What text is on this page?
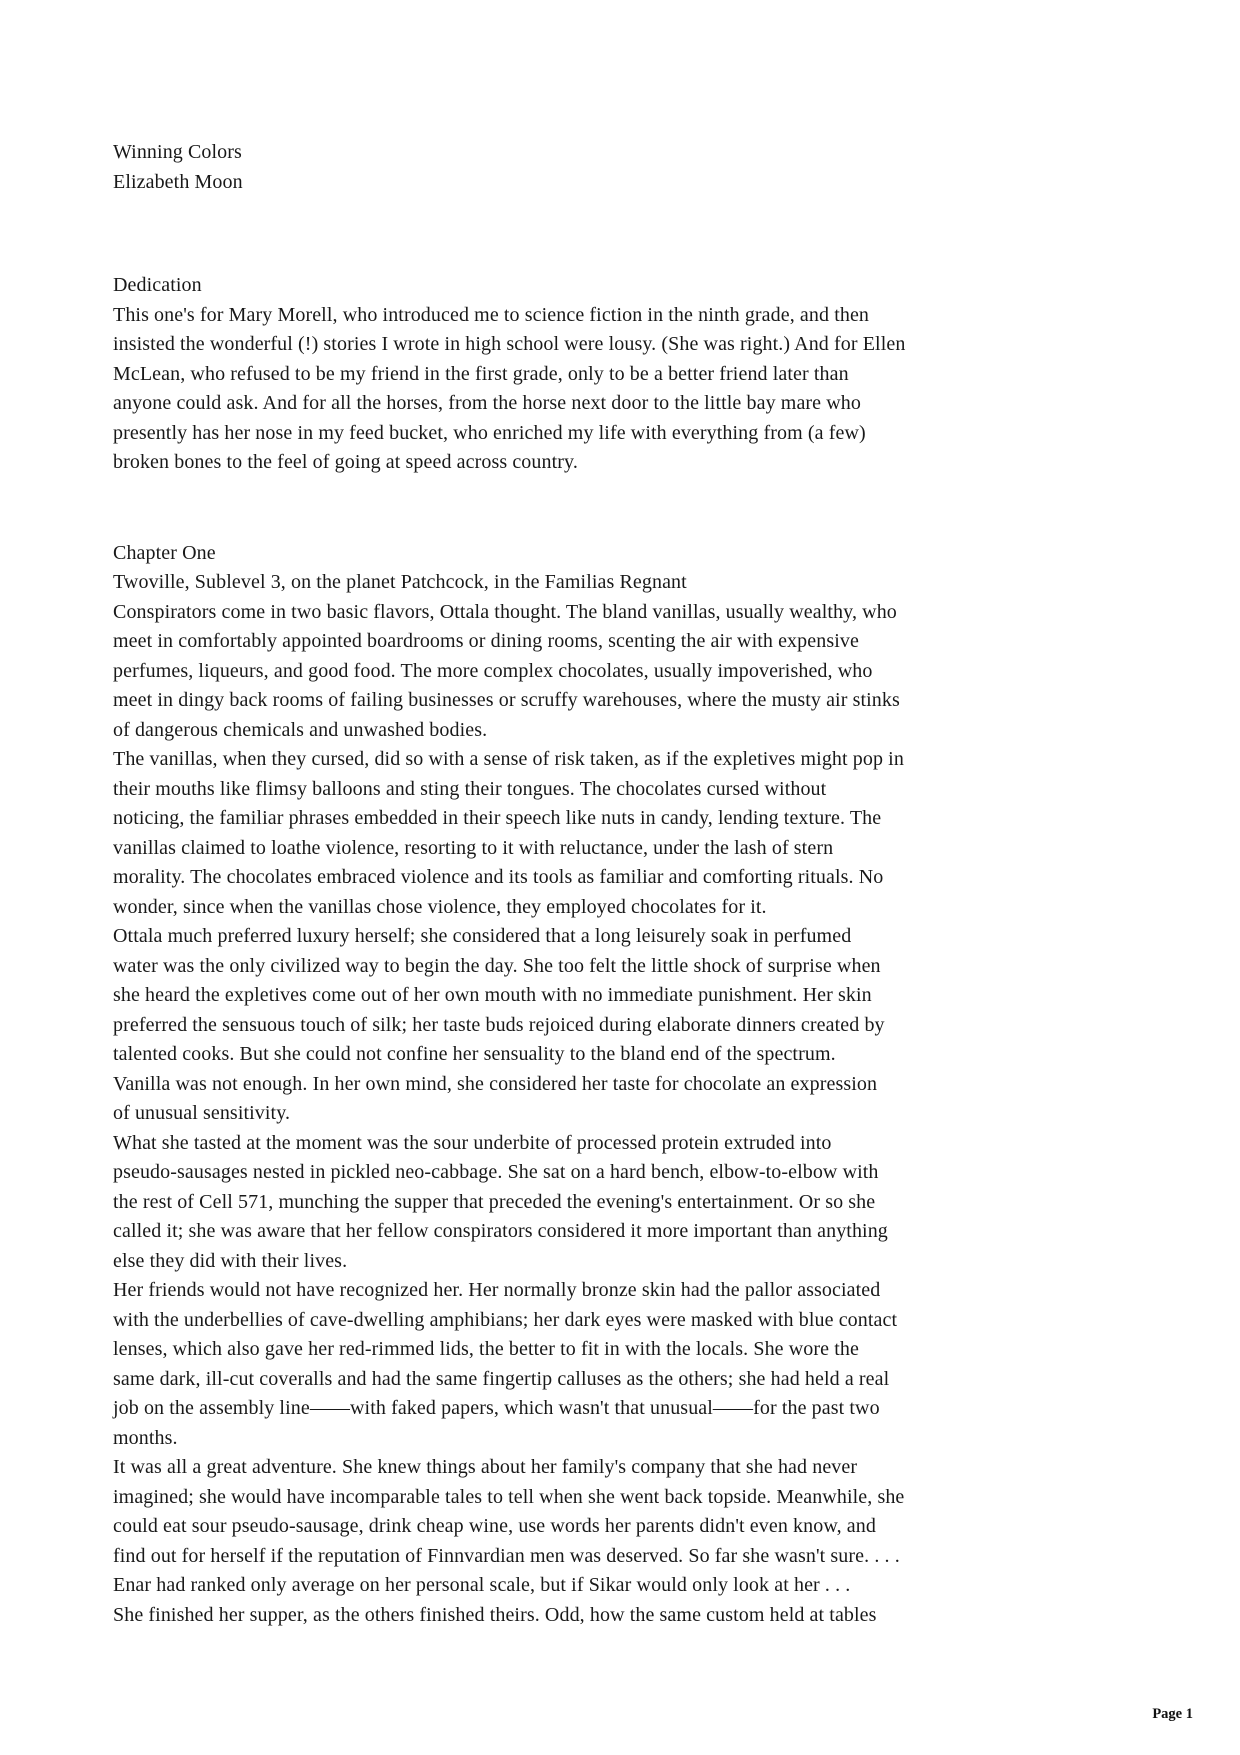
Winning Colors
Elizabeth Moon
Dedication
This one's for Mary Morell, who introduced me to science fiction in the ninth grade, and then
insisted the wonderful (!) stories I wrote in high school were lousy. (She was right.) And for Ellen
McLean, who refused to be my friend in the first grade, only to be a better friend later than
anyone could ask. And for all the horses, from the horse next door to the little bay mare who
presently has her nose in my feed bucket, who enriched my life with everything from (a few)
broken bones to the feel of going at speed across country.
Chapter One
Twoville, Sublevel 3, on the planet Patchcock, in the Familias Regnant
Conspirators come in two basic flavors, Ottala thought. The bland vanillas, usually wealthy, who
meet in comfortably appointed boardrooms or dining rooms, scenting the air with expensive
perfumes, liqueurs, and good food. The more complex chocolates, usually impoverished, who
meet in dingy back rooms of failing businesses or scruffy warehouses, where the musty air stinks
of dangerous chemicals and unwashed bodies.
The vanillas, when they cursed, did so with a sense of risk taken, as if the expletives might pop in
their mouths like flimsy balloons and sting their tongues. The chocolates cursed without
noticing, the familiar phrases embedded in their speech like nuts in candy, lending texture. The
vanillas claimed to loathe violence, resorting to it with reluctance, under the lash of stern
morality. The chocolates embraced violence and its tools as familiar and comforting rituals. No
wonder, since when the vanillas chose violence, they employed chocolates for it.
Ottala much preferred luxury herself; she considered that a long leisurely soak in perfumed
water was the only civilized way to begin the day. She too felt the little shock of surprise when
she heard the expletives come out of her own mouth with no immediate punishment. Her skin
preferred the sensuous touch of silk; her taste buds rejoiced during elaborate dinners created by
talented cooks. But she could not confine her sensuality to the bland end of the spectrum.
Vanilla was not enough. In her own mind, she considered her taste for chocolate an expression
of unusual sensitivity.
What she tasted at the moment was the sour underbite of processed protein extruded into
pseudo-sausages nested in pickled neo-cabbage. She sat on a hard bench, elbow-to-elbow with
the rest of Cell 571, munching the supper that preceded the evening's entertainment. Or so she
called it; she was aware that her fellow conspirators considered it more important than anything
else they did with their lives.
Her friends would not have recognized her. Her normally bronze skin had the pallor associated
with the underbellies of cave-dwelling amphibians; her dark eyes were masked with blue contact
lenses, which also gave her red-rimmed lids, the better to fit in with the locals. She wore the
same dark, ill-cut coveralls and had the same fingertip calluses as the others; she had held a real
job on the assembly line——with faked papers, which wasn't that unusual——for the past two
months.
It was all a great adventure. She knew things about her family's company that she had never
imagined; she would have incomparable tales to tell when she went back topside. Meanwhile, she
could eat sour pseudo-sausage, drink cheap wine, use words her parents didn't even know, and
find out for herself if the reputation of Finnvardian men was deserved. So far she wasn't sure. . . .
Enar had ranked only average on her personal scale, but if Sikar would only look at her . . .
She finished her supper, as the others finished theirs. Odd, how the same custom held at tables
Page 1
